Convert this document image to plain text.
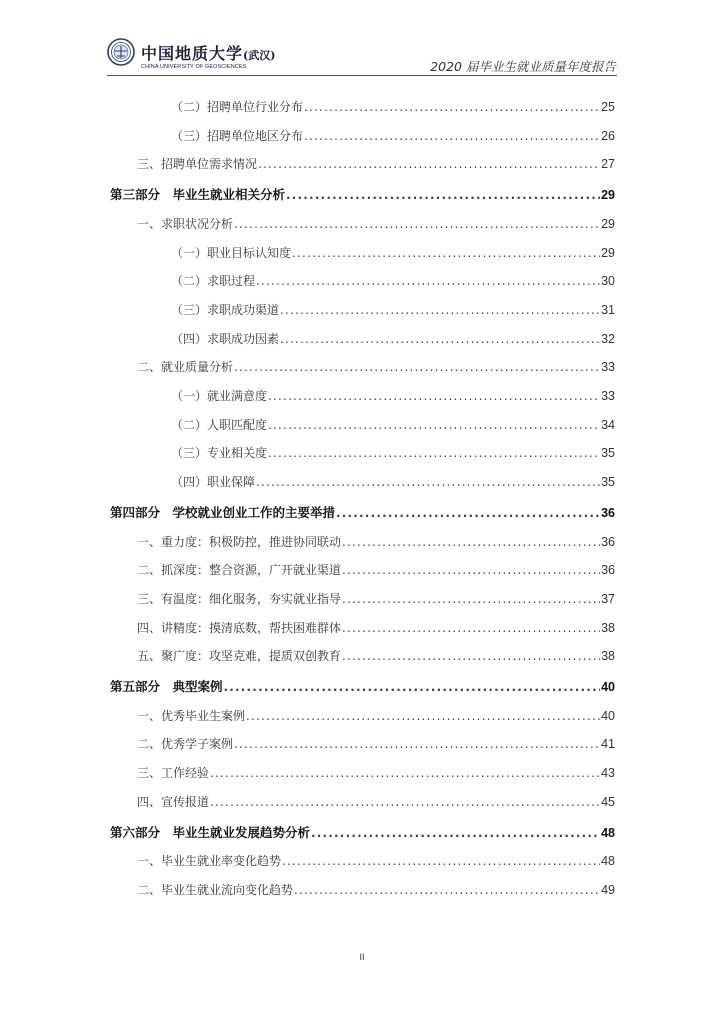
中国地质大学(武汉)
CHINA UNIVERSITY OF GEOSCIENCES	2020 届毕业生就业质量年度报告
（二）招聘单位行业分布 .....	25
（三）招聘单位地区分布 .....	26
三、招聘单位需求情况 .....	27
第三部分　毕业生就业相关分析 .....	29
一、求职状况分析 .....	29
（一）职业目标认知度 .....	29
（二）求职过程 .....	30
（三）求职成功渠道 .....	31
（四）求职成功因素 .....	32
二、就业质量分析 .....	33
（一）就业满意度 .....	33
（二）人职匹配度 .....	34
（三）专业相关度 .....	35
（四）职业保障 .....	35
第四部分　学校就业创业工作的主要举措 .....	36
一、重力度：积极防控，推进协同联动 .....	36
二、抓深度：整合资源，广开就业渠道 .....	36
三、有温度：细化服务，夯实就业指导 .....	37
四、讲精度：摸清底数，帮扶困难群体 .....	38
五、聚广度：攻坚克难，提质双创教育 .....	38
第五部分　典型案例 .....	40
一、优秀毕业生案例 .....	40
二、优秀学子案例 .....	41
三、工作经验 .....	43
四、宣传报道 .....	45
第六部分　毕业生就业发展趋势分析 .....	48
一、毕业生就业率变化趋势 .....	48
二、毕业生就业流向变化趋势 .....	49
II
